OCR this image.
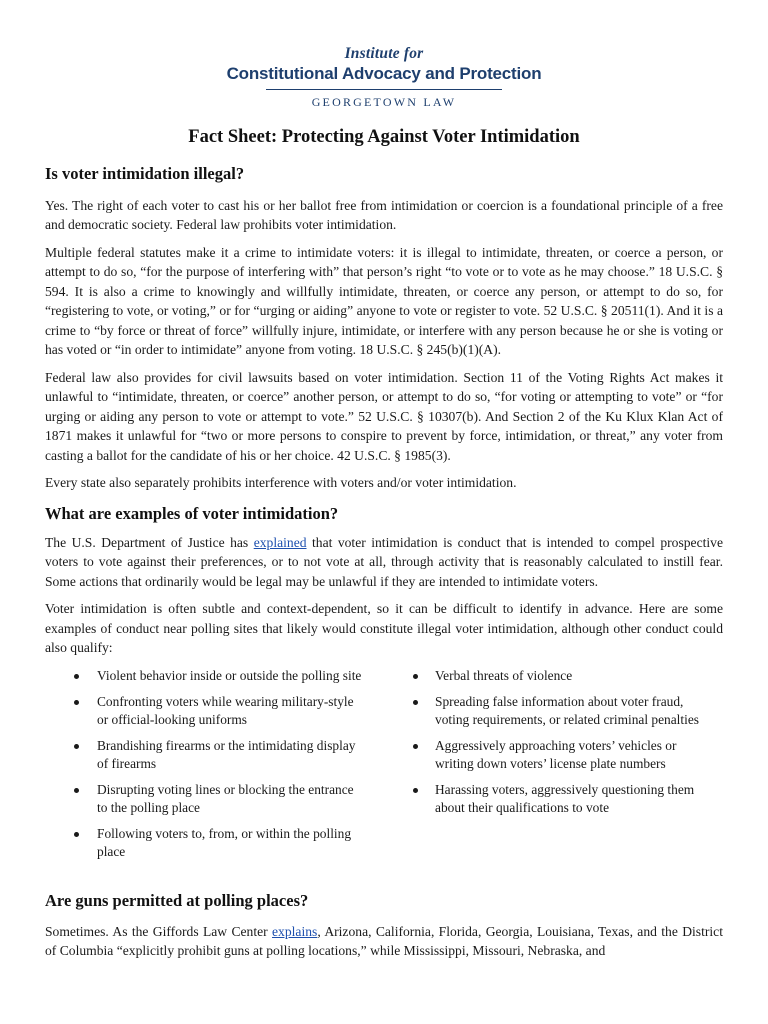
Institute for
Constitutional Advocacy and Protection
GEORGETOWN LAW
Fact Sheet: Protecting Against Voter Intimidation
Is voter intimidation illegal?

Yes. The right of each voter to cast his or her ballot free from intimidation or coercion is a foundational principle of a free and democratic society. Federal law prohibits voter intimidation.

Multiple federal statutes make it a crime to intimidate voters: it is illegal to intimidate, threaten, or coerce a person, or attempt to do so, “for the purpose of interfering with” that person’s right “to vote or to vote as he may choose.” 18 U.S.C. § 594. It is also a crime to knowingly and willfully intimidate, threaten, or coerce any person, or attempt to do so, for “registering to vote, or voting,” or for “urging or aiding” anyone to vote or register to vote. 52 U.S.C. § 20511(1). And it is a crime to “by force or threat of force” willfully injure, intimidate, or interfere with any person because he or she is voting or has voted or “in order to intimidate” anyone from voting. 18 U.S.C. § 245(b)(1)(A).

Federal law also provides for civil lawsuits based on voter intimidation. Section 11 of the Voting Rights Act makes it unlawful to “intimidate, threaten, or coerce” another person, or attempt to do so, “for voting or attempting to vote” or “for urging or aiding any person to vote or attempt to vote.” 52 U.S.C. § 10307(b). And Section 2 of the Ku Klux Klan Act of 1871 makes it unlawful for “two or more persons to conspire to prevent by force, intimidation, or threat,” any voter from casting a ballot for the candidate of his or her choice. 42 U.S.C. § 1985(3).

Every state also separately prohibits interference with voters and/or voter intimidation.

What are examples of voter intimidation?

The U.S. Department of Justice has explained that voter intimidation is conduct that is intended to compel prospective voters to vote against their preferences, or to not vote at all, through activity that is reasonably calculated to instill fear. Some actions that ordinarily would be legal may be unlawful if they are intended to intimidate voters.

Voter intimidation is often subtle and context-dependent, so it can be difficult to identify in advance. Here are some examples of conduct near polling sites that likely would constitute illegal voter intimidation, although other conduct could also qualify:

Violent behavior inside or outside the polling site
Confronting voters while wearing military-style or official-looking uniforms
Brandishing firearms or the intimidating display of firearms
Disrupting voting lines or blocking the entrance to the polling place
Following voters to, from, or within the polling place
Verbal threats of violence
Spreading false information about voter fraud, voting requirements, or related criminal penalties
Aggressively approaching voters’ vehicles or writing down voters’ license plate numbers
Harassing voters, aggressively questioning them about their qualifications to vote
Are guns permitted at polling places?

Sometimes. As the Giffords Law Center explains, Arizona, California, Florida, Georgia, Louisiana, Texas, and the District of Columbia “explicitly prohibit guns at polling locations,” while Mississippi, Missouri, Nebraska, and
